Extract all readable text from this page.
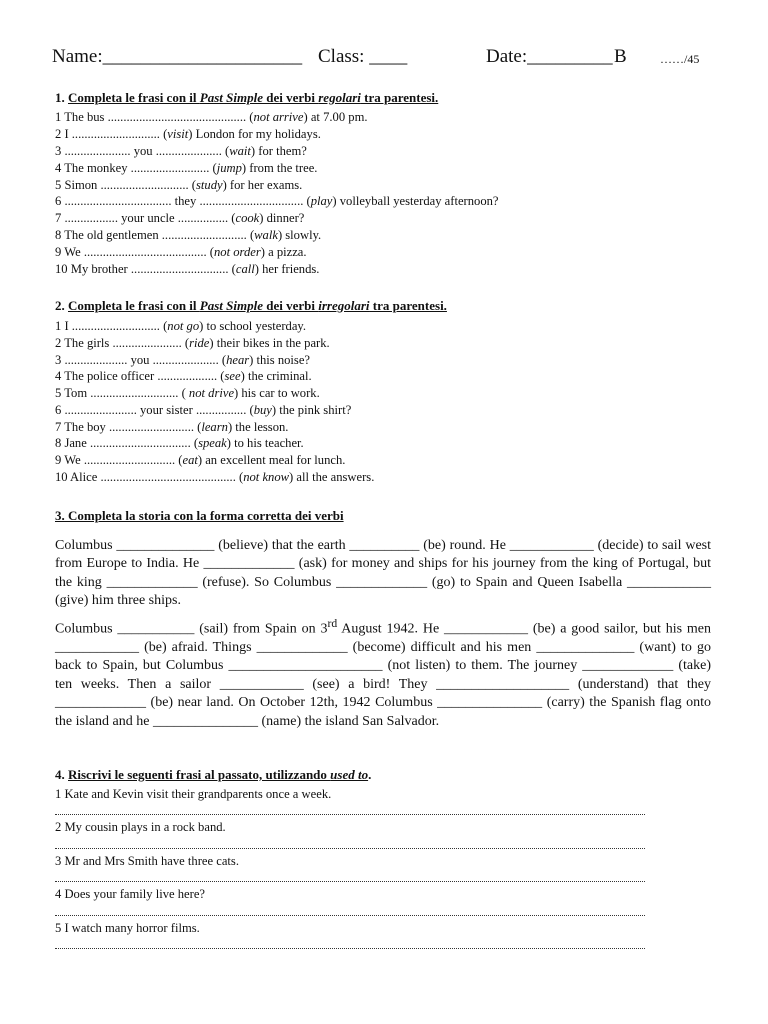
Name:_____________________ Class: ____	Date:_________ B	……/45
1. Completa le frasi con il Past Simple dei verbi regolari tra parentesi.
1 The bus ............................................ (not arrive) at 7.00 pm.
2 I ............................ (visit) London for my holidays.
3 ..................... you ..................... (wait) for them?
4 The monkey ......................... (jump) from the tree.
5 Simon ............................ (study) for her exams.
6 .................................. they ................................. (play) volleyball yesterday afternoon?
7 ................. your uncle ................ (cook) dinner?
8 The old gentlemen ........................... (walk) slowly.
9 We ....................................... (not order) a pizza.
10 My brother ............................... (call) her friends.
2. Completa le frasi con il Past Simple dei verbi irregolari tra parentesi.
1 I ............................ (not go) to school yesterday.
2 The girls ...................... (ride) their bikes in the park.
3 .................... you ..................... (hear) this noise?
4 The police officer ................... (see) the criminal.
5 Tom ............................ ( not drive) his car to work.
6 ....................... your sister ................ (buy) the pink shirt?
7 The boy ........................... (learn) the lesson.
8 Jane ................................ (speak) to his teacher.
9 We ............................. (eat) an excellent meal for lunch.
10 Alice ........................................... (not know) all the answers.
3. Completa la storia con la forma corretta dei verbi
Columbus ______________ (believe) that the earth __________ (be) round. He ____________ (decide) to sail west from Europe to India. He _____________ (ask) for money and ships for his journey from the king of Portugal, but the king _____________ (refuse). So Columbus _____________ (go) to Spain and Queen Isabella ____________ (give) him three ships.
Columbus ___________ (sail) from Spain on 3rd August 1942. He ____________ (be) a good sailor, but his men ____________ (be) afraid. Things _____________ (become) difficult and his men ______________ (want) to go back to Spain, but Columbus ______________________ (not listen) to them. The journey _____________ (take) ten weeks. Then a sailor ____________ (see) a bird! They ___________________ (understand) that they _____________ (be) near land. On October 12th, 1942 Columbus _______________ (carry) the Spanish flag onto the island and he _______________ (name) the island San Salvador.
4. Riscrivi le seguenti frasi al passato, utilizzando used to.
1 Kate and Kevin visit their grandparents once a week.
2 My cousin plays in a rock band.
3 Mr and Mrs Smith have three cats.
4 Does your family live here?
5 I watch many horror films.
